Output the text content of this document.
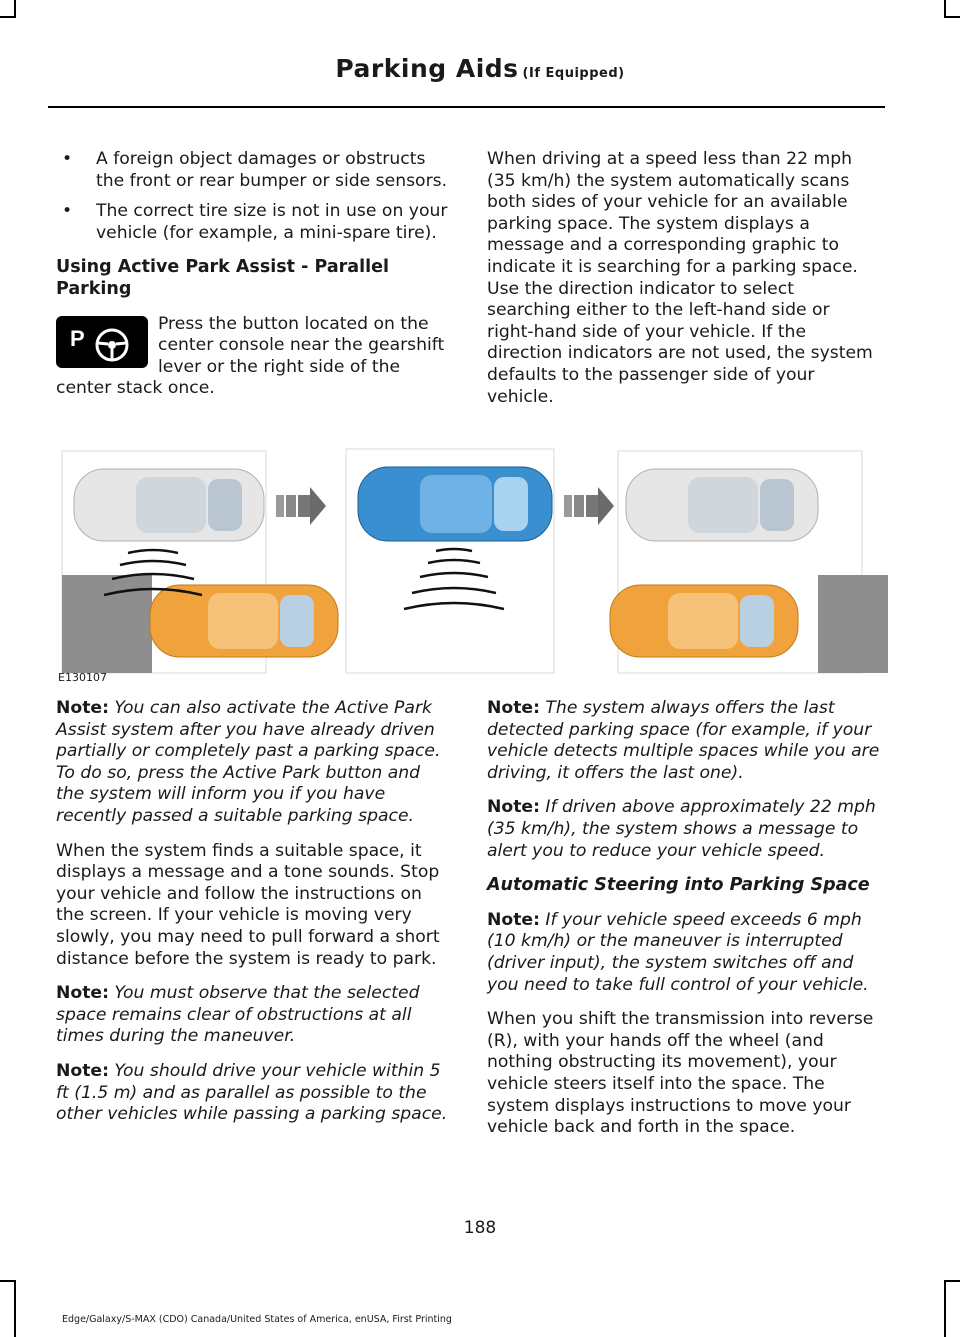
Parking Aids (If Equipped)
• A foreign object damages or obstructs the front or rear bumper or side sensors.
• The correct tire size is not in use on your vehicle (for example, a mini-spare tire).
Using Active Park Assist - Parallel Parking

P
Press the button located on the center console near the gearshift lever or the right side of the center stack once.

When driving at a speed less than 22 mph (35 km/h) the system automatically scans both sides of your vehicle for an available parking space. The system displays a message and a corresponding graphic to indicate it is searching for a parking space. Use the direction indicator to select searching either to the left-hand side or right-hand side of your vehicle. If the direction indicators are not used, the system defaults to the passenger side of your vehicle.

E130107

Note: You can also activate the Active Park Assist system after you have already driven partially or completely past a parking space. To do so, press the Active Park button and the system will inform you if you have recently passed a suitable parking space.

When the system finds a suitable space, it displays a message and a tone sounds. Stop your vehicle and follow the instructions on the screen. If your vehicle is moving very slowly, you may need to pull forward a short distance before the system is ready to park.

Note: You must observe that the selected space remains clear of obstructions at all times during the maneuver.

Note: You should drive your vehicle within 5 ft (1.5 m) and as parallel as possible to the other vehicles while passing a parking space.

Note: The system always offers the last detected parking space (for example, if your vehicle detects multiple spaces while you are driving, it offers the last one).

Note: If driven above approximately 22 mph (35 km/h), the system shows a message to alert you to reduce your vehicle speed.

Automatic Steering into Parking Space

Note: If your vehicle speed exceeds 6 mph (10 km/h) or the maneuver is interrupted (driver input), the system switches off and you need to take full control of your vehicle.

When you shift the transmission into reverse (R), with your hands off the wheel (and nothing obstructing its movement), your vehicle steers itself into the space. The system displays instructions to move your vehicle back and forth in the space.

188
Edge/Galaxy/S-MAX (CDO) Canada/United States of America, enUSA, First Printing
